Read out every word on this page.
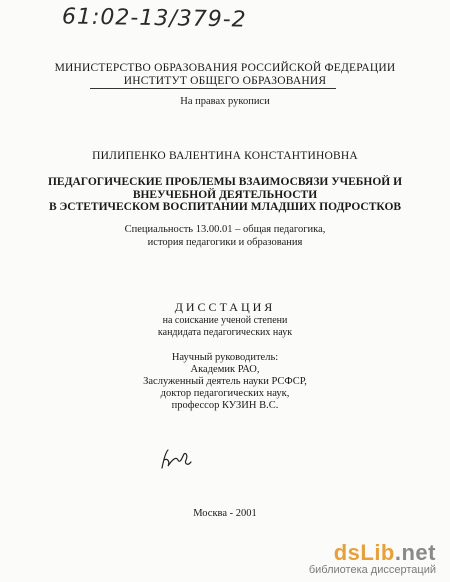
61:02-13/379-2
МИНИСТЕРСТВО ОБРАЗОВАНИЯ РОССИЙСКОЙ ФЕДЕРАЦИИ
ИНСТИТУТ ОБЩЕГО ОБРАЗОВАНИЯ
На правах рукописи
ПИЛИПЕНКО ВАЛЕНТИНА КОНСТАНТИНОВНА
ПЕДАГОГИЧЕСКИЕ ПРОБЛЕМЫ ВЗАИМОСВЯЗИ УЧЕБНОЙ И
ВНЕУЧЕБНОЙ ДЕЯТЕЛЬНОСТИ
В ЭСТЕТИЧЕСКОМ ВОСПИТАНИИ МЛАДШИХ ПОДРОСТКОВ
Специальность 13.00.01 – общая педагогика,
история педагогики и образования
ДИССТАЦИЯ
на соискание ученой степени
кандидата педагогических наук
Научный руководитель:
Академик РАО,
Заслуженный деятель науки РСФСР,
доктор педагогических наук,
профессор КУЗИН В.С.
Москва - 2001
dsLib.net
библиотека диссертаций
